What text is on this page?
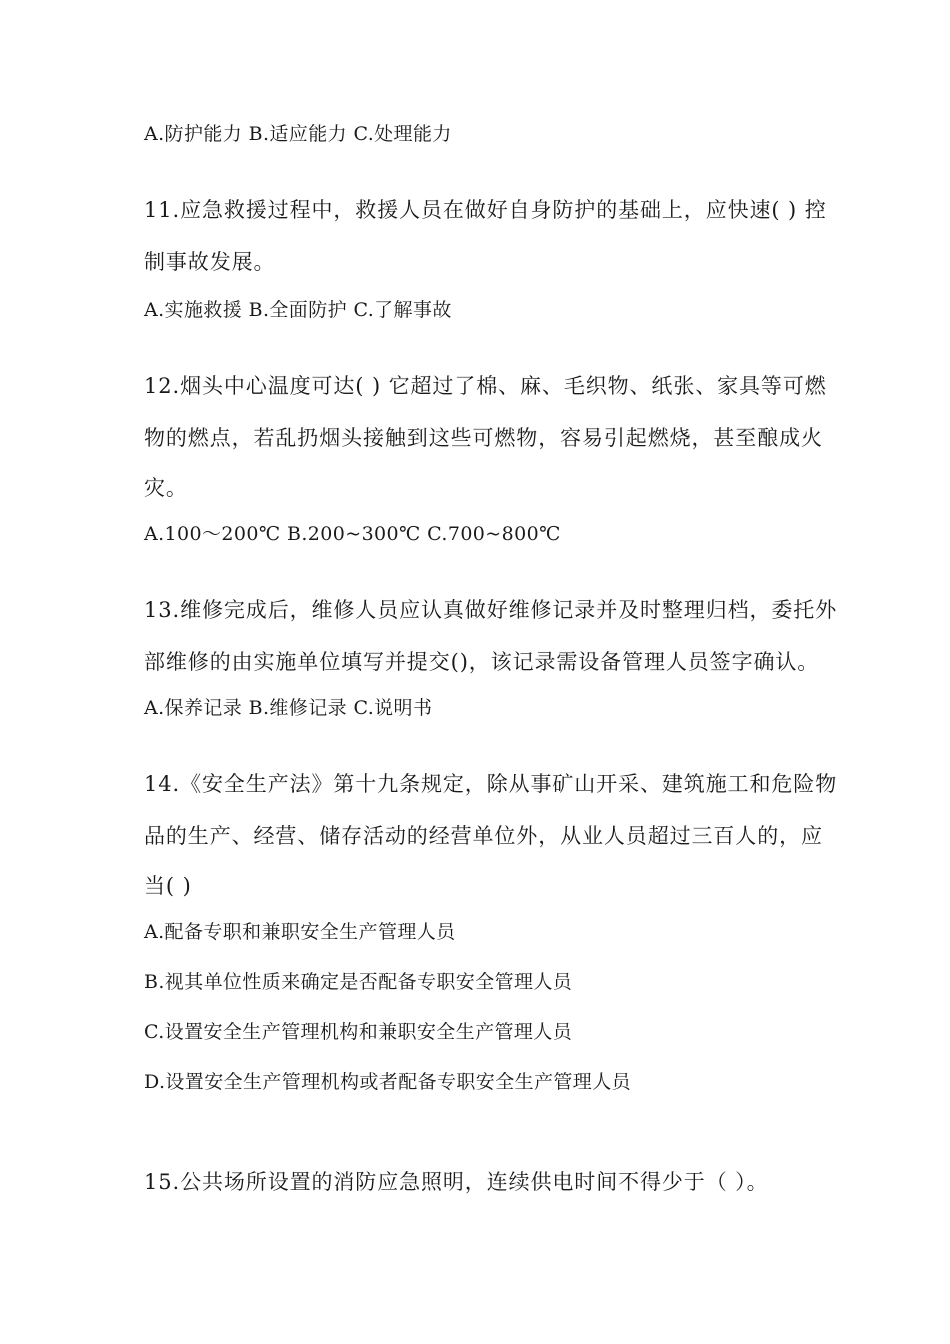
A.防护能力 B.适应能力 C.处理能力
11.应急救援过程中，救援人员在做好自身防护的基础上，应快速( ) 控
制事故发展。
A.实施救援 B.全面防护 C.了解事故
12.烟头中心温度可达( ) 它超过了棉、麻、毛织物、纸张、家具等可燃
物的燃点，若乱扔烟头接触到这些可燃物，容易引起燃烧，甚至酿成火
灾。
A.100～200℃ B.200~300℃ C.700~800℃
13.维修完成后，维修人员应认真做好维修记录并及时整理归档，委托外
部维修的由实施单位填写并提交()，该记录需设备管理人员签字确认。
A.保养记录 B.维修记录 C.说明书
14.《安全生产法》第十九条规定，除从事矿山开采、建筑施工和危险物
品的生产、经营、储存活动的经营单位外，从业人员超过三百人的，应
当( )
A.配备专职和兼职安全生产管理人员
B.视其单位性质来确定是否配备专职安全管理人员
C.设置安全生产管理机构和兼职安全生产管理人员
D.设置安全生产管理机构或者配备专职安全生产管理人员
15.公共场所设置的消防应急照明，连续供电时间不得少于（ ）。
